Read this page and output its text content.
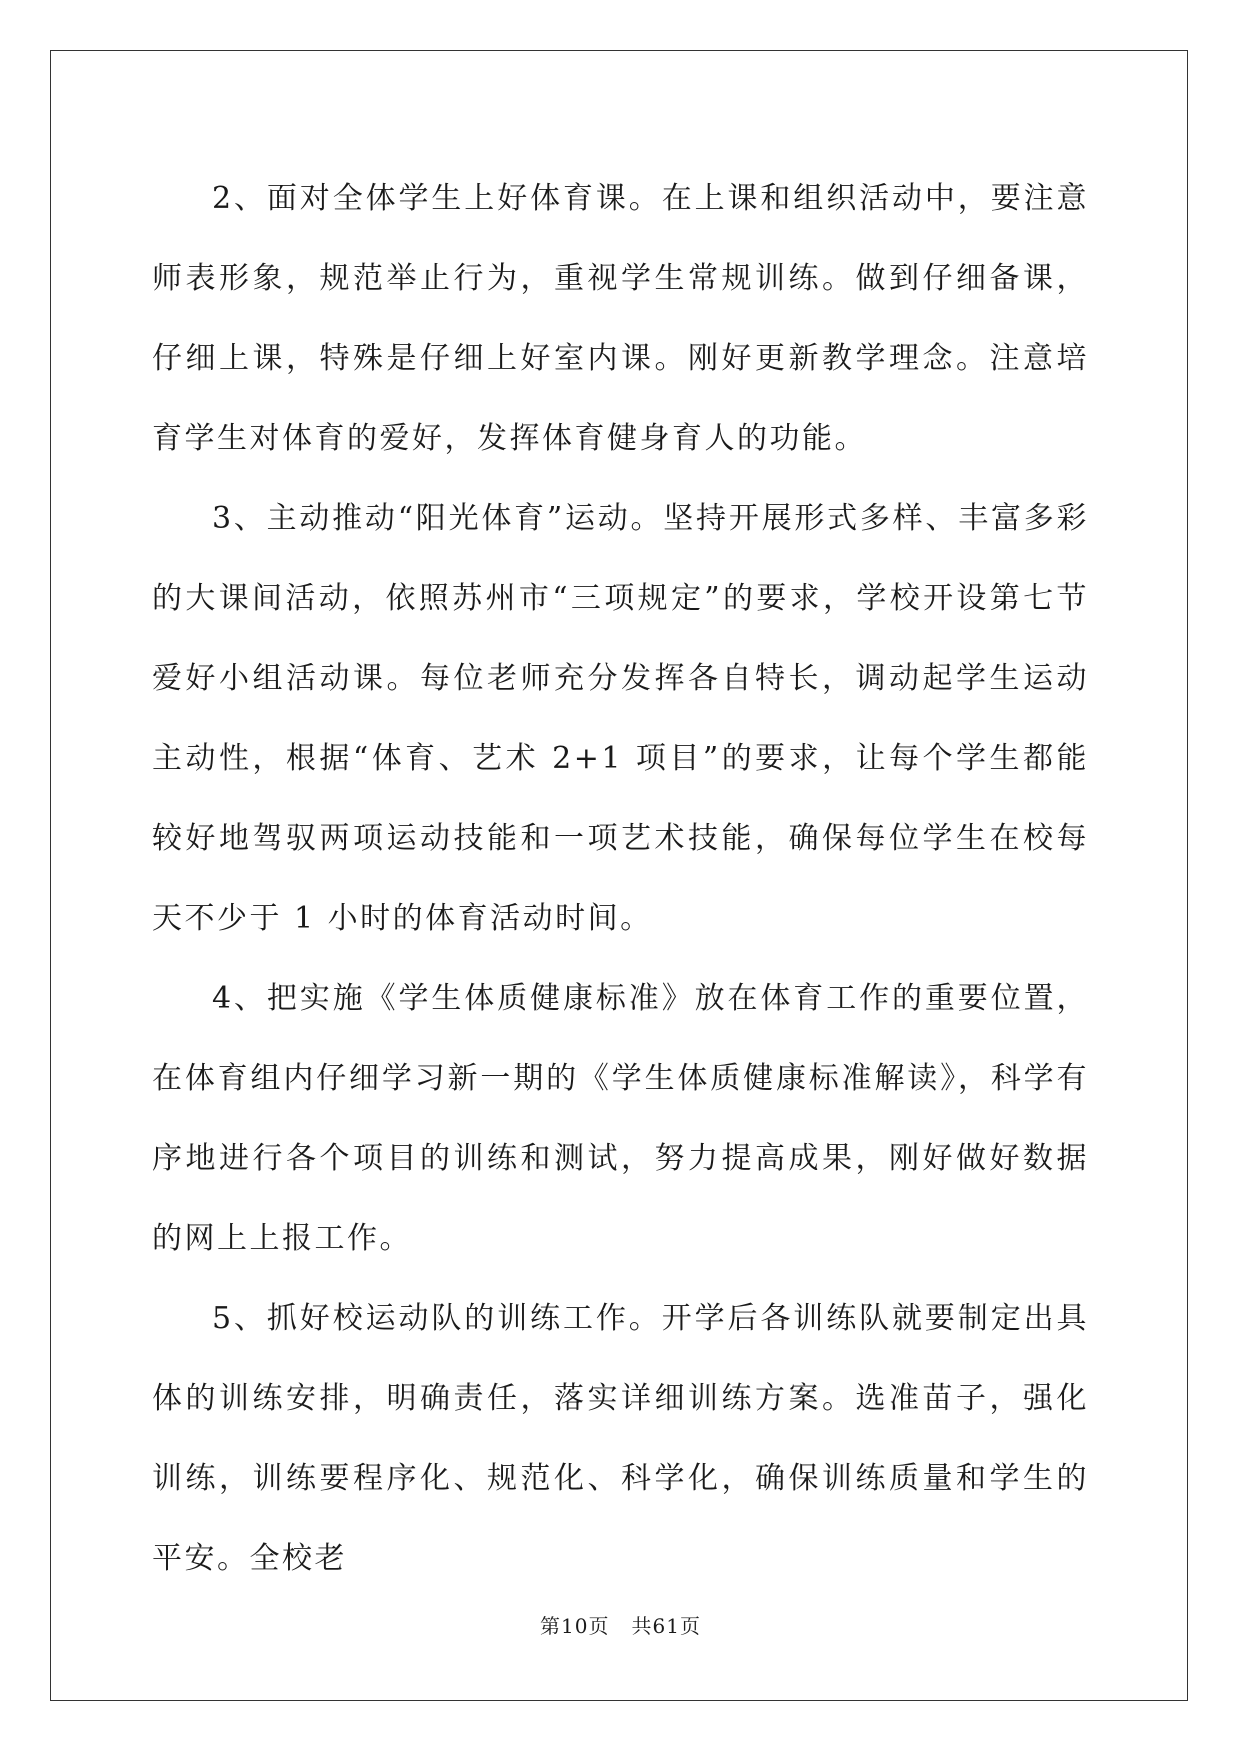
2、面对全体学生上好体育课。在上课和组织活动中，要注意师表形象，规范举止行为，重视学生常规训练。做到仔细备课，仔细上课，特殊是仔细上好室内课。刚好更新教学理念。注意培育学生对体育的爱好，发挥体育健身育人的功能。

3、主动推动“阳光体育”运动。坚持开展形式多样、丰富多彩的大课间活动，依照苏州市“三项规定”的要求，学校开设第七节爱好小组活动课。每位老师充分发挥各自特长，调动起学生运动主动性，根据“体育、艺术 2+1 项目”的要求，让每个学生都能较好地驾驭两项运动技能和一项艺术技能，确保每位学生在校每天不少于 1 小时的体育活动时间。

4、把实施《学生体质健康标准》放在体育工作的重要位置，在体育组内仔细学习新一期的《学生体质健康标准解读》，科学有序地进行各个项目的训练和测试，努力提高成果，刚好做好数据的网上上报工作。

5、抓好校运动队的训练工作。开学后各训练队就要制定出具体的训练安排，明确责任，落实详细训练方案。选准苗子，强化训练，训练要程序化、规范化、科学化，确保训练质量和学生的平安。全校老

第10页 共61页
